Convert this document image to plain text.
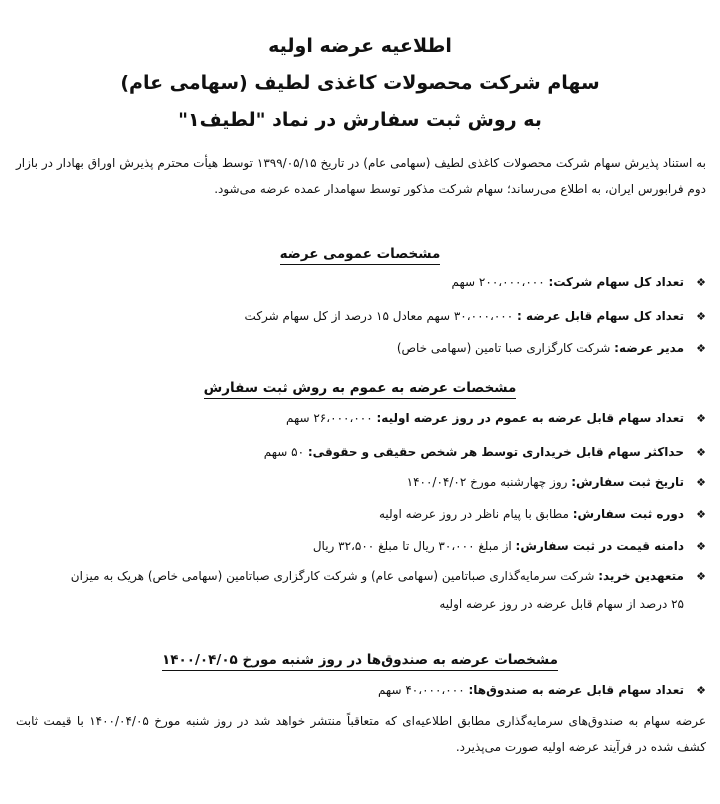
اطلاعیه عرضه اولیه

سهام شرکت محصولات کاغذی لطیف (سهامی عام)

به روش ثبت سفارش در نماد "لطیف۱"

به استناد پذیرش سهام شرکت محصولات کاغذی لطیف (سهامی عام) در تاریخ ۱۳۹۹/۰۵/۱۵ توسط هیأت محترم پذیرش اوراق بهادار در بازار دوم فرابورس ایران، به اطلاع می‌رساند؛ سهام شرکت مذکور توسط سهامدار عمده عرضه می‌شود.

مشخصات عمومی عرضه
❖تعداد کل سهام شرکت: ۲۰۰،۰۰۰،۰۰۰ سهم
❖تعداد کل سهام قابل عرضه : ۳۰،۰۰۰،۰۰۰ سهم معادل ۱۵ درصد از کل سهام شرکت
❖مدیر عرضه: شرکت کارگزاری صبا تامین (سهامی خاص)
مشخصات عرضه به عموم به روش ثبت سفارش
❖تعداد سهام قابل عرضه به عموم در روز عرضه اولیه: ۲۶،۰۰۰،۰۰۰ سهم
❖حداکثر سهام قابل خریداری توسط هر شخص حقیقی و حقوقی: ۵۰ سهم
❖تاریخ ثبت سفارش: روز چهارشنبه مورخ ۱۴۰۰/۰۴/۰۲
❖دوره ثبت سفارش: مطابق با پیام ناظر در روز عرضه اولیه
❖دامنه قیمت در ثبت سفارش: از مبلغ ۳۰،۰۰۰ ریال تا مبلغ ۳۲،۵۰۰ ریال
❖متعهدین خرید: شرکت سرمایه‌گذاری صباتامین (سهامی عام) و شرکت کارگزاری صباتامین (سهامی خاص) هریک به میزان
۲۵ درصد از سهام قابل عرضه در روز عرضه اولیه
مشخصات عرضه به صندوق‌ها در روز شنبه مورخ ۱۴۰۰/۰۴/۰۵
❖تعداد سهام قابل عرضه به صندوق‌ها: ۴۰،۰۰۰،۰۰۰ سهم

عرضه سهام به صندوق‌های سرمایه‌گذاری مطابق اطلاعیه‌ای که متعاقباً منتشر خواهد شد در روز شنبه مورخ ۱۴۰۰/۰۴/۰۵ با قیمت ثابت کشف شده در فرآیند عرضه اولیه صورت می‌پذیرد.
